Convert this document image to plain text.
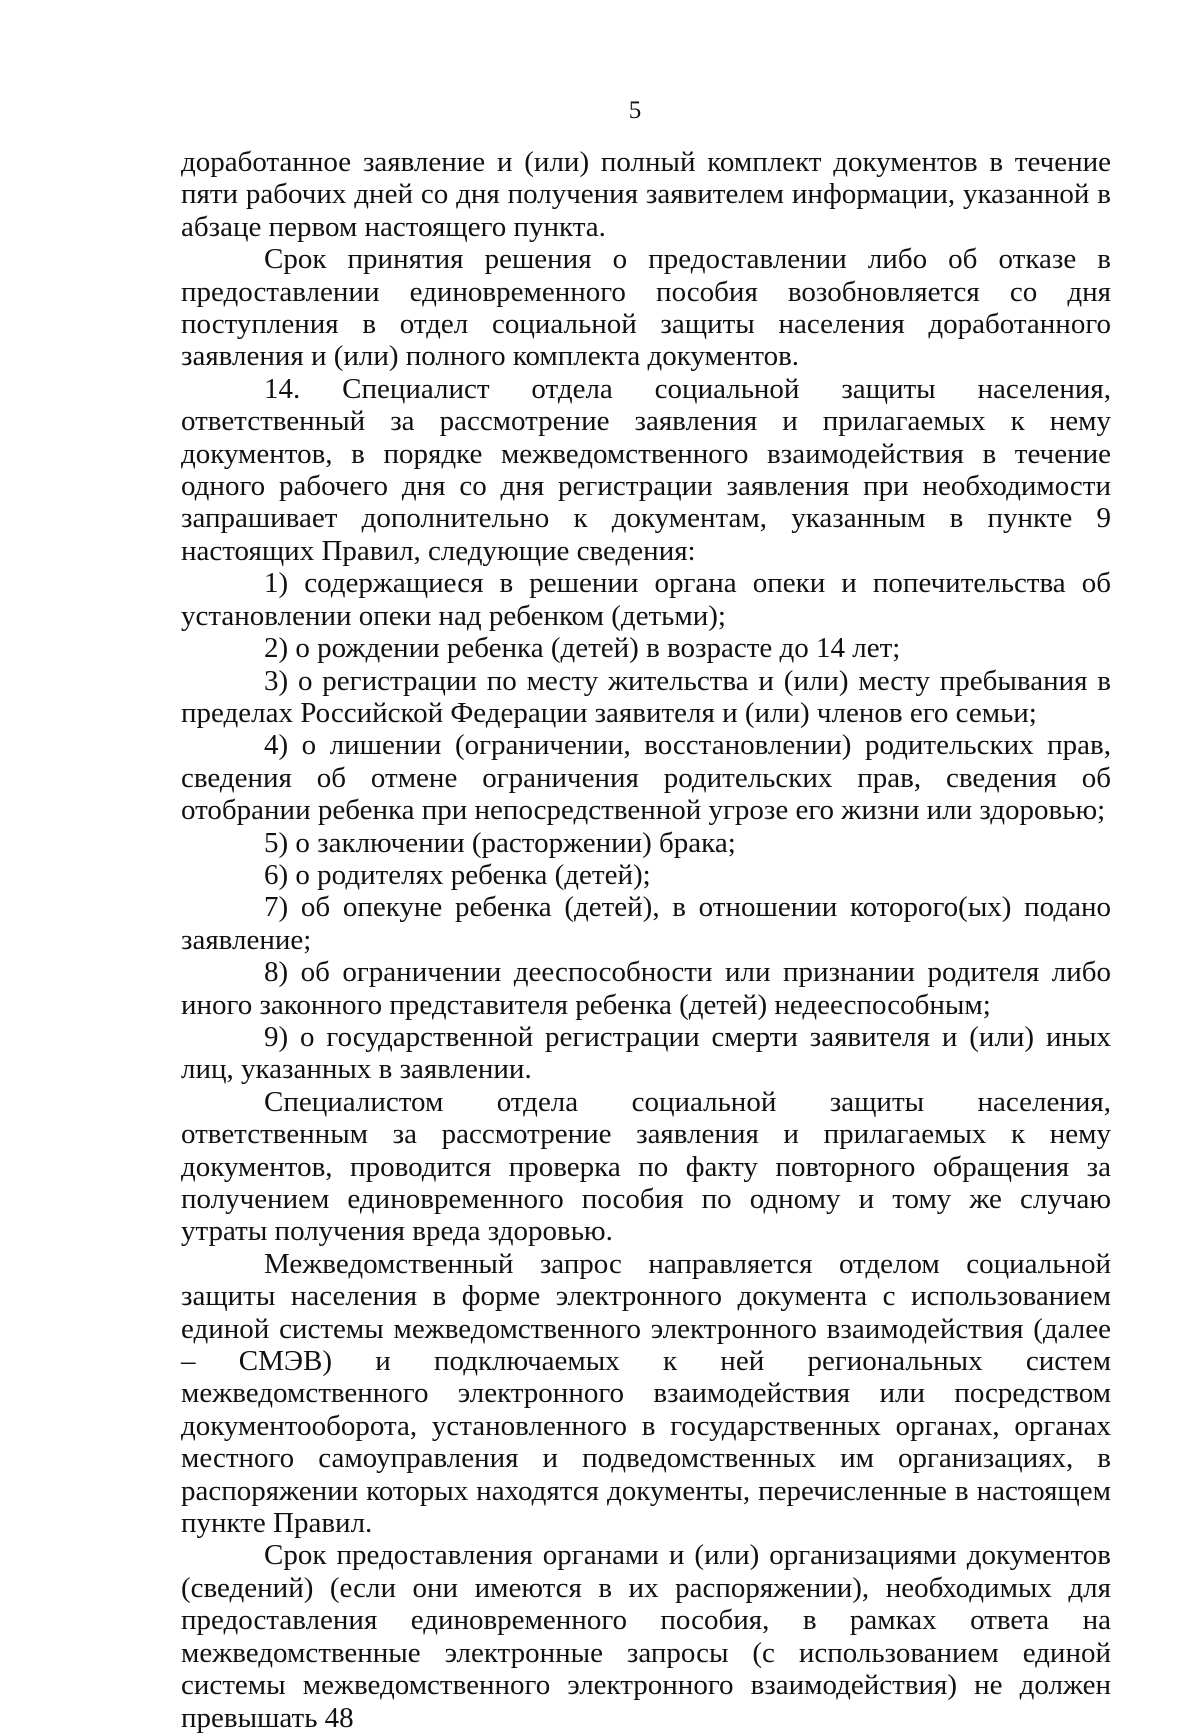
5

доработанное заявление и (или) полный комплект документов в течение пяти рабочих дней со дня получения заявителем информации, указанной в абзаце первом настоящего пункта.

Срок принятия решения о предоставлении либо об отказе в предоставлении единовременного пособия возобновляется со дня поступления в отдел социальной защиты населения доработанного заявления и (или) полного комплекта документов.

14. Специалист отдела социальной защиты населения, ответственный за рассмотрение заявления и прилагаемых к нему документов, в порядке межведомственного взаимодействия в течение одного рабочего дня со дня регистрации заявления при необходимости запрашивает дополнительно к документам, указанным в пункте 9 настоящих Правил, следующие сведения:

1) содержащиеся в решении органа опеки и попечительства об установлении опеки над ребенком (детьми);

2) о рождении ребенка (детей) в возрасте до 14 лет;

3) о регистрации по месту жительства и (или) месту пребывания в пределах Российской Федерации заявителя и (или) членов его семьи;

4) о лишении (ограничении, восстановлении) родительских прав, сведения об отмене ограничения родительских прав, сведения об отобрании ребенка при непосредственной угрозе его жизни или здоровью;

5) о заключении (расторжении) брака;

6) о родителях ребенка (детей);

7) об опекуне ребенка (детей), в отношении которого(ых) подано заявление;

8) об ограничении дееспособности или признании родителя либо иного законного представителя ребенка (детей) недееспособным;

9) о государственной регистрации смерти заявителя и (или) иных лиц, указанных в заявлении.

Специалистом отдела социальной защиты населения, ответственным за рассмотрение заявления и прилагаемых к нему документов, проводится проверка по факту повторного обращения за получением единовременного пособия по одному и тому же случаю утраты получения вреда здоровью.

Межведомственный запрос направляется отделом социальной защиты населения в форме электронного документа с использованием единой системы межведомственного электронного взаимодействия (далее – СМЭВ) и подключаемых к ней региональных систем межведомственного электронного взаимодействия или посредством документооборота, установленного в государственных органах, органах местного самоуправления и подведомственных им организациях, в распоряжении которых находятся документы, перечисленные в настоящем пункте Правил.

Срок предоставления органами и (или) организациями документов (сведений) (если они имеются в их распоряжении), необходимых для предоставления единовременного пособия, в рамках ответа на межведомственные электронные запросы (с использованием единой системы межведомственного электронного взаимодействия) не должен превышать 48
